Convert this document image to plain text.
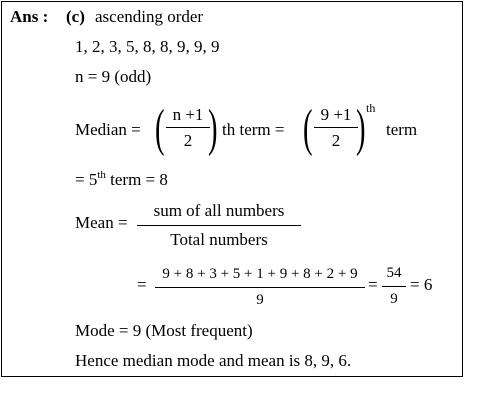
Ans : (c) ascending order
1, 2, 3, 5, 8, 8, 9, 9, 9
n = 9 (odd)
Median = ( n +1
2 ) th term = ( 9 +1
2 ) th
term
= 5th term = 8
Mean =
sum of all numbers
Total numbers
=
9 + 8 + 3 + 5 + 1 + 9 + 8 + 2 + 9
9
=
54
9
= 6
Mode = 9 (Most frequent)
Hence median mode and mean is 8, 9, 6.
